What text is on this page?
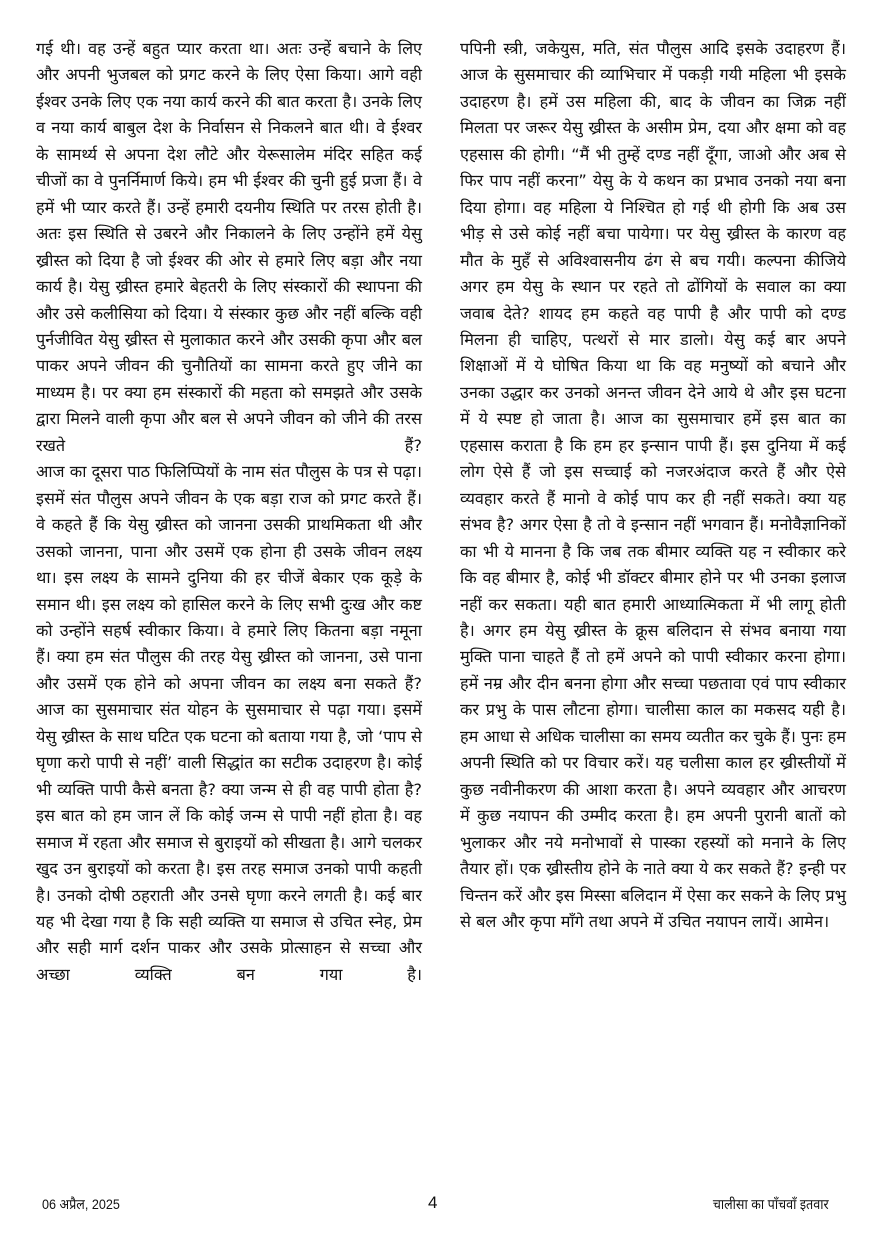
गई थी। वह उन्हें बहुत प्यार करता था। अतः उन्हें बचाने के लिए और अपनी भुजबल को प्रगट करने के लिए ऐसा किया। आगे वही ईश्वर उनके लिए एक नया कार्य करने की बात करता है। उनके लिए व नया कार्य बाबुल देश के निर्वासन से निकलने बात थी। वे ईश्वर के सामर्थ्य से अपना देश लौटे और येरूसालेम मंदिर सहित कई चीजों का वे पुनर्निमार्ण किये। हम भी ईश्वर की चुनी हुई प्रजा हैं। वे हमें भी प्यार करते हैं। उन्हें हमारी दयनीय स्थिति पर तरस होती है। अतः इस स्थिति से उबरने और निकालने के लिए उन्होंने हमें येसु ख्रीस्त को दिया है जो ईश्वर की ओर से हमारे लिए बड़ा और नया कार्य है। येसु ख्रीस्त हमारे बेहतरी के लिए संस्कारों की स्थापना की और उसे कलीसिया को दिया। ये संस्कार कुछ और नहीं बल्कि वही पुर्नजीवित येसु ख्रीस्त से मुलाकात करने और उसकी कृपा और बल पाकर अपने जीवन की चुनौतियों का सामना करते हुए जीने का माध्यम है। पर क्या हम संस्कारों की महता को समझते और उसके द्वारा मिलने वाली कृपा और बल से अपने जीवन को जीने की तरस रखते हैं?

आज का दूसरा पाठ फिलिप्पियों के नाम संत पौलुस के पत्र से पढ़ा। इसमें संत पौलुस अपने जीवन के एक बड़ा राज को प्रगट करते हैं। वे कहते हैं कि येसु ख्रीस्त को जानना उसकी प्राथमिकता थी और उसको जानना, पाना और उसमें एक होना ही उसके जीवन लक्ष्य था। इस लक्ष्य के सामने दुनिया की हर चीजें बेकार एक कूड़े के समान थी। इस लक्ष्य को हासिल करने के लिए सभी दुःख और कष्ट को उन्होंने सहर्ष स्वीकार किया। वे हमारे लिए कितना बड़ा नमूना हैं। क्या हम संत पौलुस की तरह येसु ख्रीस्त को जानना, उसे पाना और उसमें एक होने को अपना जीवन का लक्ष्य बना सकते हैं?

आज का सुसमाचार संत योहन के सुसमाचार से पढ़ा गया। इसमें येसु ख्रीस्त के साथ घटित एक घटना को बताया गया है, जो ‘पाप से घृणा करो पापी से नहीं’ वाली सिद्धांत का सटीक उदाहरण है। कोई भी व्यक्ति पापी कैसे बनता है? क्या जन्म से ही वह पापी होता है? इस बात को हम जान लें कि कोई जन्म से पापी नहीं होता है। वह समाज में रहता और समाज से बुराइयों को सीखता है। आगे चलकर खुद उन बुराइयों को करता है। इस तरह समाज उनको पापी कहती है। उनको दोषी ठहराती और उनसे घृणा करने लगती है। कई बार यह भी देखा गया है कि सही व्यक्ति या समाज से उचित स्नेह, प्रेम और सही मार्ग दर्शन पाकर और उसके प्रोत्साहन से सच्चा और अच्छा व्यक्ति बन गया है।

पपिनी स्त्री, जकेयुस, मति, संत पौलुस आदि इसके उदाहरण हैं। आज के सुसमाचार की व्याभिचार में पकड़ी गयी महिला भी इसके उदाहरण है। हमें उस महिला की, बाद के जीवन का जिक्र नहीं मिलता पर जरूर येसु ख्रीस्त के असीम प्रेम, दया और क्षमा को वह एहसास की होगी। “मैं भी तुम्हें दण्ड नहीं दूँगा, जाओ और अब से फिर पाप नहीं करना” येसु के ये कथन का प्रभाव उनको नया बना दिया होगा। वह महिला ये निश्चित हो गई थी होगी कि अब उस भीड़ से उसे कोई नहीं बचा पायेगा। पर येसु ख्रीस्त के कारण वह मौत के मुहँ से अविश्वासनीय ढंग से बच गयी। कल्पना कीजिये अगर हम येसु के स्थान पर रहते तो ढोंगियों के सवाल का क्या जवाब देते? शायद हम कहते वह पापी है और पापी को दण्ड मिलना ही चाहिए, पत्थरों से मार डालो। येसु कई बार अपने शिक्षाओं में ये घोषित किया था कि वह मनुष्यों को बचाने और उनका उद्धार कर उनको अनन्त जीवन देने आये थे और इस घटना में ये स्पष्ट हो जाता है। आज का सुसमाचार हमें इस बात का एहसास कराता है कि हम हर इन्सान पापी हैं। इस दुनिया में कई लोग ऐसे हैं जो इस सच्चाई को नजरअंदाज करते हैं और ऐसे व्यवहार करते हैं मानो वे कोई पाप कर ही नहीं सकते। क्या यह संभव है? अगर ऐसा है तो वे इन्सान नहीं भगवान हैं। मनोवैज्ञानिकों का भी ये मानना है कि जब तक बीमार व्यक्ति यह न स्वीकार करे कि वह बीमार है, कोई भी डॉक्टर बीमार होने पर भी उनका इलाज नहीं कर सकता। यही बात हमारी आध्यात्मिकता में भी लागू होती है। अगर हम येसु ख्रीस्त के क्रूस बलिदान से संभव बनाया गया मुक्ति पाना चाहते हैं तो हमें अपने को पापी स्वीकार करना होगा। हमें नम्र और दीन बनना होगा और सच्चा पछतावा एवं पाप स्वीकार कर प्रभु के पास लौटना होगा। चालीसा काल का मकसद यही है। हम आधा से अधिक चालीसा का समय व्यतीत कर चुके हैं। पुनः हम अपनी स्थिति को पर विचार करें। यह चलीसा काल हर ख्रीस्तीयों में कुछ नवीनीकरण की आशा करता है। अपने व्यवहार और आचरण में कुछ नयापन की उम्मीद करता है। हम अपनी पुरानी बातों को भुलाकर और नये मनोभावों से पास्का रहस्यों को मनाने के लिए तैयार हों। एक ख्रीस्तीय होने के नाते क्या ये कर सकते हैं? इन्ही पर चिन्तन करें और इस मिस्सा बलिदान में ऐसा कर सकने के लिए प्रभु से बल और कृपा माँगे तथा अपने में उचित नयापन लायें। आमेन।

06 अप्रैल, 2025	4	चालीसा का पाँचवाँ इतवार
